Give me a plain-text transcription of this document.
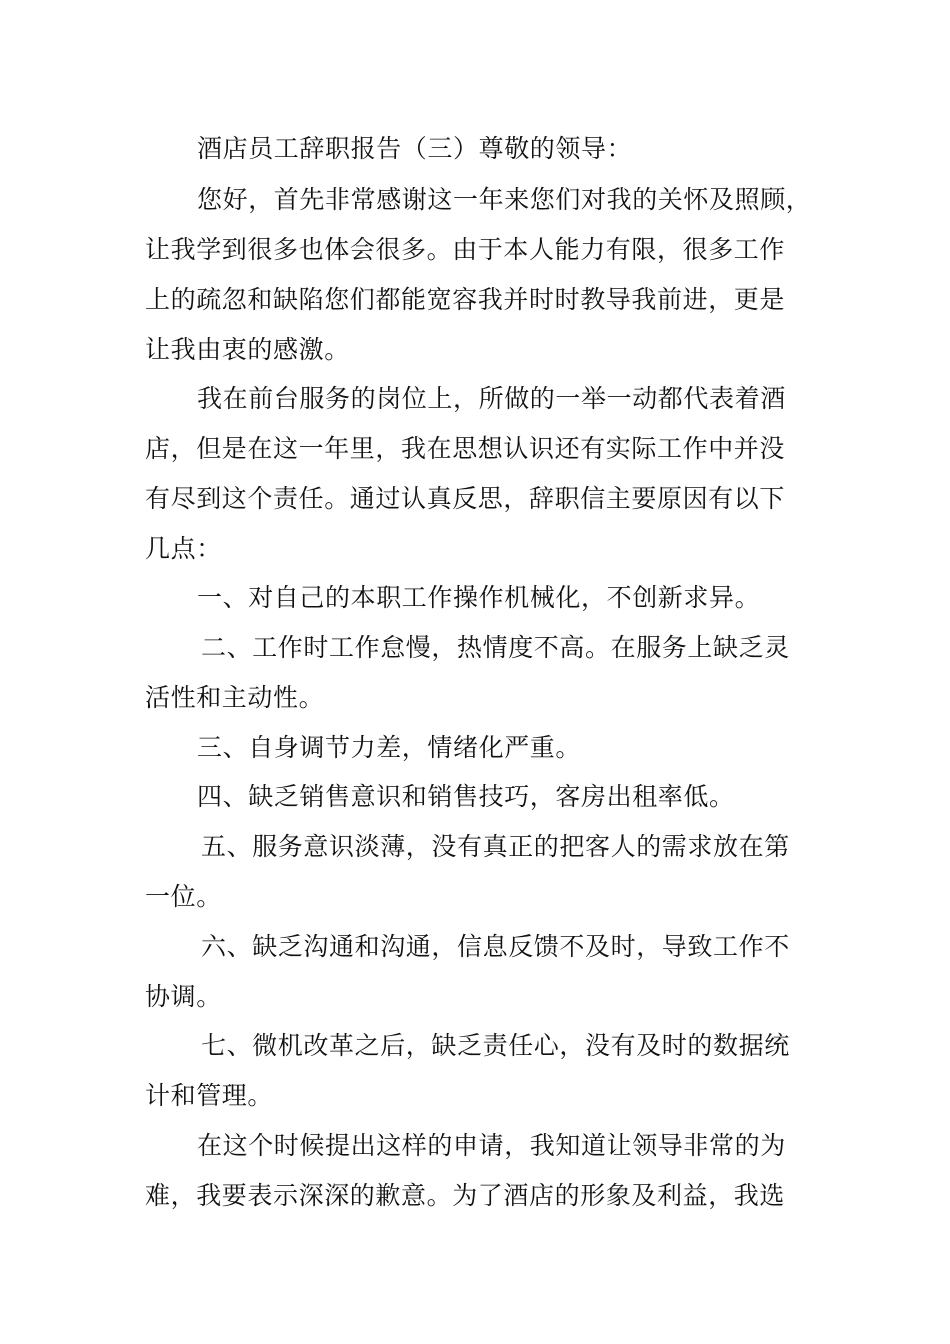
酒店员工辞职报告（三）尊敬的领导：
您好，首先非常感谢这一年来您们对我的关怀及照顾，
让我学到很多也体会很多。由于本人能力有限，很多工作
上的疏忽和缺陷您们都能宽容我并时时教导我前进，更是
让我由衷的感激。
我在前台服务的岗位上，所做的一举一动都代表着酒
店，但是在这一年里，我在思想认识还有实际工作中并没
有尽到这个责任。通过认真反思，辞职信主要原因有以下
几点：
一、对自己的本职工作操作机械化，不创新求异。
二、工作时工作怠慢，热情度不高。在服务上缺乏灵
活性和主动性。
三、自身调节力差，情绪化严重。
四、缺乏销售意识和销售技巧，客房出租率低。
五、服务意识淡薄，没有真正的把客人的需求放在第
一位。
六、缺乏沟通和沟通，信息反馈不及时，导致工作不
协调。
七、微机改革之后，缺乏责任心，没有及时的数据统
计和管理。
在这个时候提出这样的申请，我知道让领导非常的为
难，我要表示深深的歉意。为了酒店的形象及利益，我选
